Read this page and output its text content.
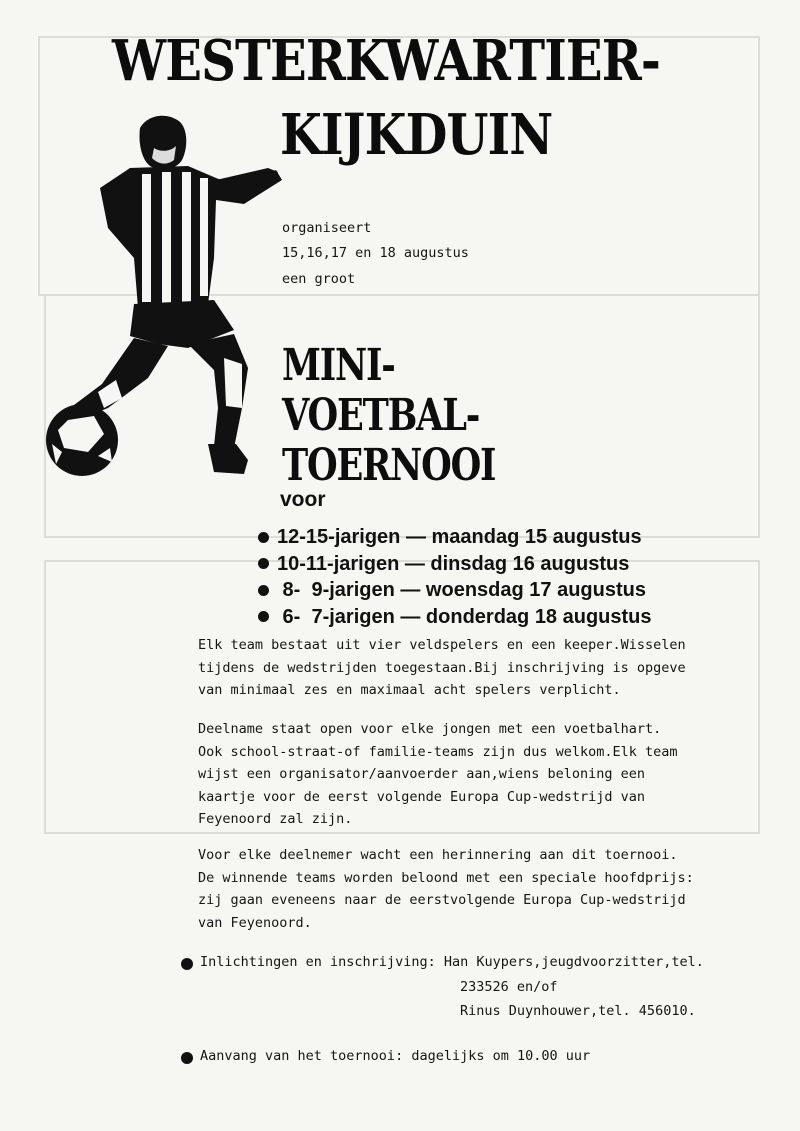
WESTERKWARTIER-
KIJKDUIN
organiseert
15,16,17 en 18 augustus
een groot
MINI-
VOETBAL-
TOERNOOI
voor
12-15-jarigen — maandag 15 augustus
10-11-jarigen — dinsdag 16 augustus
8-  9-jarigen — woensdag 17 augustus
6-  7-jarigen — donderdag 18 augustus
Elk team bestaat uit vier veldspelers en een keeper.Wisselen
tijdens de wedstrijden toegestaan.Bij inschrijving is opgeve
van minimaal zes en maximaal acht spelers verplicht.
Deelname staat open voor elke jongen met een voetbalhart.
Ook school-straat-of familie-teams zijn dus welkom.Elk team
wijst een organisator/aanvoerder aan,wiens beloning een
kaartje voor de eerst volgende Europa Cup-wedstrijd van
Feyenoord zal zijn.
Voor elke deelnemer wacht een herinnering aan dit toernooi.
De winnende teams worden beloond met een speciale hoofdprijs:
zij gaan eveneens naar de eerstvolgende Europa Cup-wedstrijd
van Feyenoord.
Inlichtingen en inschrijving: Han Kuypers,jeugdvoorzitter,tel.
233526 en/of
Rinus Duynhouwer,tel. 456010.
Aanvang van het toernooi: dagelijks om 10.00 uur
